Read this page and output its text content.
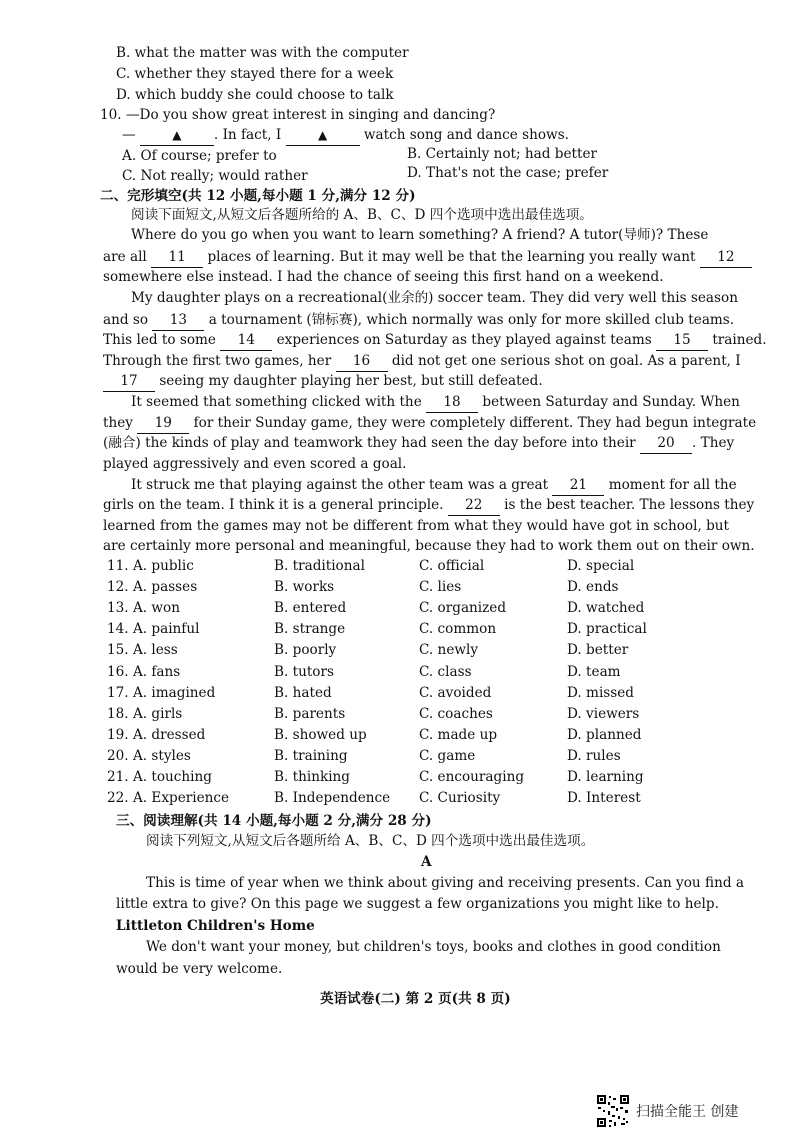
B. what the matter was with the computer
C. whether they stayed there for a week
D. which buddy she could choose to talk
10. —Do you show great interest in singing and dancing?
—	▲ . In fact, I	▲	watch song and dance shows.
A. Of course; prefer to	B. Certainly not; had better
C. Not really; would rather	D. That's not the case; prefer
二、完形填空(共 12 小题,每小题 1 分,满分 12 分)
阅读下面短文,从短文后各题所给的 A、B、C、D 四个选项中选出最佳选项。
Where do you go when you want to learn something? A friend? A tutor(导师)? These
are all 11 places of learning. But it may well be that the learning you really want 12
somewhere else instead. I had the chance of seeing this first hand on a weekend.
My daughter plays on a recreational(业余的) soccer team. They did very well this season
and so 13 a tournament (锦标赛), which normally was only for more skilled club teams.
This led to some 14 experiences on Saturday as they played against teams 15 trained.
Through the first two games, her 16 did not get one serious shot on goal. As a parent, I
17 seeing my daughter playing her best, but still defeated.
It seemed that something clicked with the 18 between Saturday and Sunday. When
they 19 for their Sunday game, they were completely different. They had begun integrate
(融合) the kinds of play and teamwork they had seen the day before into their 20 . They
played aggressively and even scored a goal.
It struck me that playing against the other team was a great 21 moment for all the
girls on the team. I think it is a general principle. 22 is the best teacher. The lessons they
learned from the games may not be different from what they would have got in school, but
are certainly more personal and meaningful, because they had to work them out on their own.
11. A. public	B. traditional	C. official	D. special
12. A. passes	B. works	C. lies	D. ends
13. A. won	B. entered	C. organized	D. watched
14. A. painful	B. strange	C. common	D. practical
15. A. less	B. poorly	C. newly	D. better
16. A. fans	B. tutors	C. class	D. team
17. A. imagined	B. hated	C. avoided	D. missed
18. A. girls	B. parents	C. coaches	D. viewers
19. A. dressed	B. showed up	C. made up	D. planned
20. A. styles	B. training	C. game	D. rules
21. A. touching	B. thinking	C. encouraging	D. learning
22. A. Experience	B. Independence C. Curiosity	D. Interest
三、阅读理解(共 14 小题,每小题 2 分,满分 28 分)
阅读下列短文,从短文后各题所给 A、B、C、D 四个选项中选出最佳选项。
A
This is time of year when we think about giving and receiving presents. Can you find a
little extra to give? On this page we suggest a few organizations you might like to help.
Littleton Children's Home
We don't want your money, but children's toys, books and clothes in good condition
would be very welcome.
英语试卷(二) 第 2 页(共 8 页)
扫描全能王 创建
